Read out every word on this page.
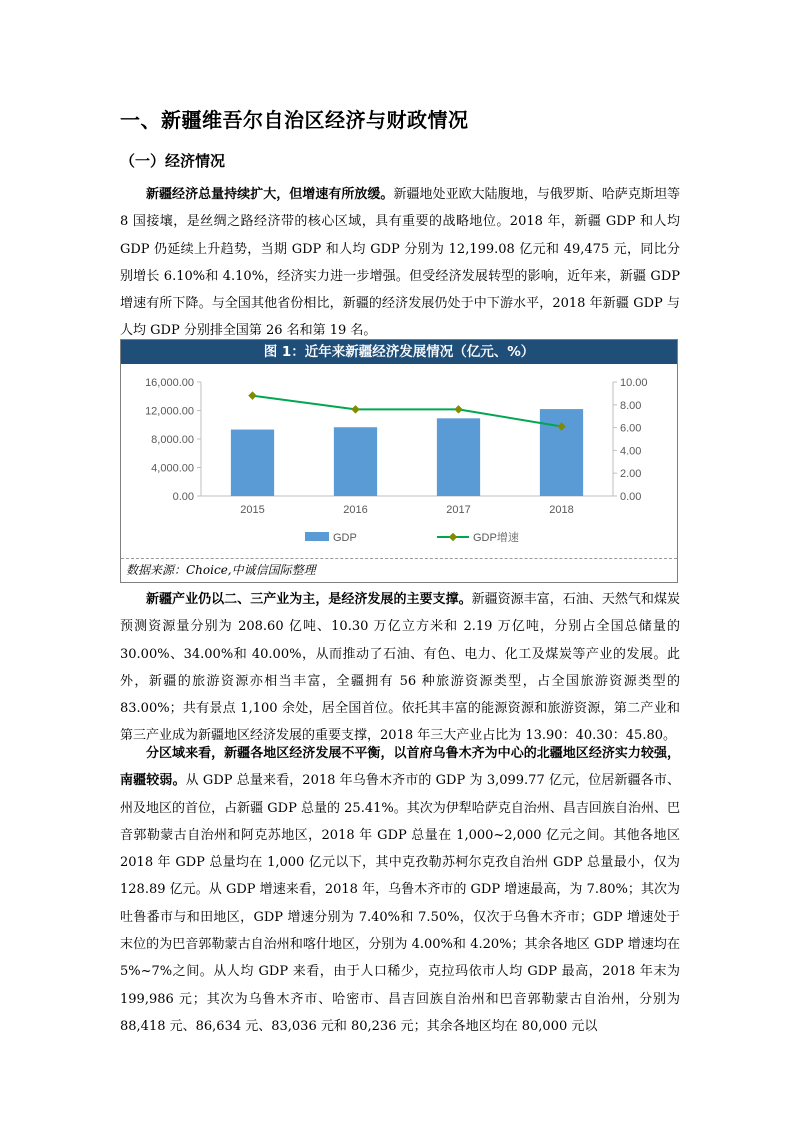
一、新疆维吾尔自治区经济与财政情况
（一）经济情况

新疆经济总量持续扩大，但增速有所放缓。新疆地处亚欧大陆腹地，与俄罗斯、哈萨克斯坦等 8 国接壤，是丝绸之路经济带的核心区域，具有重要的战略地位。2018 年，新疆 GDP 和人均 GDP 仍延续上升趋势，当期 GDP 和人均 GDP 分别为 12,199.08 亿元和 49,475 元，同比分别增长 6.10%和 4.10%，经济实力进一步增强。但受经济发展转型的影响，近年来，新疆 GDP 增速有所下降。与全国其他省份相比，新疆的经济发展仍处于中下游水平，2018 年新疆 GDP 与人均 GDP 分别排全国第 26 名和第 19 名。

图 1：近年来新疆经济发展情况（亿元、%）
0.00
4,000.00
8,000.00
12,000.00
16,000.00
0.00
2.00
4.00
6.00
8.00
10.00
2015	2016	2017	2018
GDP	GDP增速
数据来源：Choice,中诚信国际整理

新疆产业仍以二、三产业为主，是经济发展的主要支撑。新疆资源丰富，石油、天然气和煤炭预测资源量分别为 208.60 亿吨、10.30 万亿立方米和 2.19 万亿吨，分别占全国总储量的 30.00%、34.00%和 40.00%，从而推动了石油、有色、电力、化工及煤炭等产业的发展。此外，新疆的旅游资源亦相当丰富，全疆拥有 56 种旅游资源类型，占全国旅游资源类型的 83.00%；共有景点 1,100 余处，居全国首位。依托其丰富的能源资源和旅游资源，第二产业和第三产业成为新疆地区经济发展的重要支撑，2018 年三大产业占比为 13.90：40.30：45.80。

分区域来看，新疆各地区经济发展不平衡，以首府乌鲁木齐为中心的北疆地区经济实力较强，南疆较弱。从 GDP 总量来看，2018 年乌鲁木齐市的 GDP 为 3,099.77 亿元，位居新疆各市、州及地区的首位，占新疆 GDP 总量的 25.41%。其次为伊犁哈萨克自治州、昌吉回族自治州、巴音郭勒蒙古自治州和阿克苏地区，2018 年 GDP 总量在 1,000~2,000 亿元之间。其他各地区 2018 年 GDP 总量均在 1,000 亿元以下，其中克孜勒苏柯尔克孜自治州 GDP 总量最小，仅为 128.89 亿元。从 GDP 增速来看，2018 年，乌鲁木齐市的 GDP 增速最高，为 7.80%；其次为吐鲁番市与和田地区，GDP 增速分别为 7.40%和 7.50%，仅次于乌鲁木齐市；GDP 增速处于末位的为巴音郭勒蒙古自治州和喀什地区，分别为 4.00%和 4.20%；其余各地区 GDP 增速均在 5%~7%之间。从人均 GDP 来看，由于人口稀少，克拉玛依市人均 GDP 最高，2018 年末为 199,986 元；其次为乌鲁木齐市、哈密市、昌吉回族自治州和巴音郭勒蒙古自治州，分别为 88,418 元、86,634 元、83,036 元和 80,236 元；其余各地区均在 80,000 元以
